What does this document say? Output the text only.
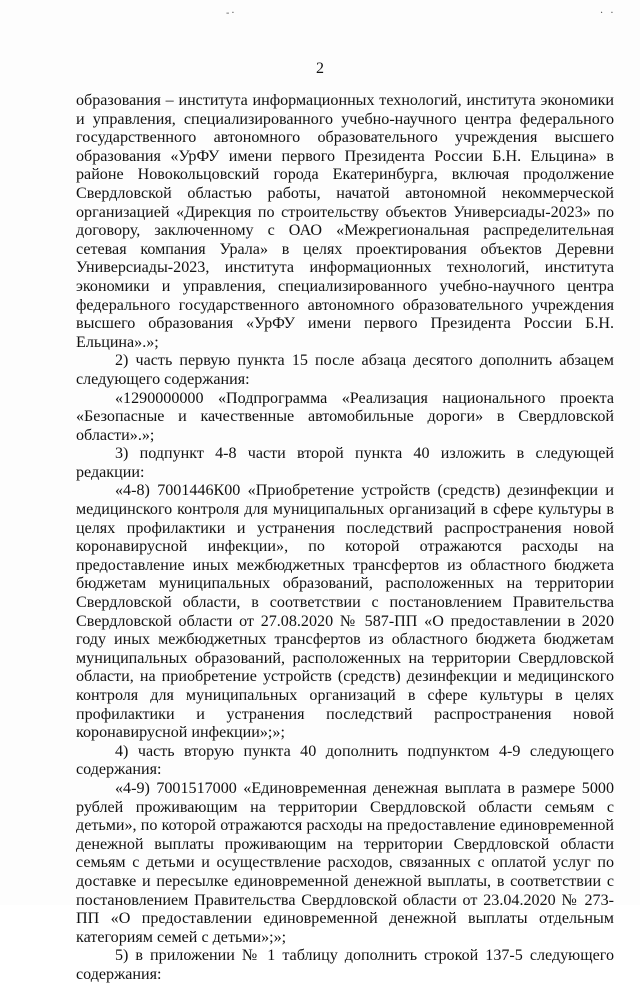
-·	· ·
2

образования – института информационных технологий, института экономики и управления, специализированного учебно-научного центра федерального государственного автономного образовательного учреждения высшего образования «УрФУ имени первого Президента России Б.Н. Ельцина» в районе Новокольцовский города Екатеринбурга, включая продолжение Свердловской областью работы, начатой автономной некоммерческой организацией «Дирекция по строительству объектов Универсиады-2023» по договору, заключенному с ОАО «Межрегиональная распределительная сетевая компания Урала» в целях проектирования объектов Деревни Универсиады-2023, института информационных технологий, института экономики и управления, специализированного учебно-научного центра федерального государственного автономного образовательного учреждения высшего образования «УрФУ имени первого Президента России Б.Н. Ельцина».»;

2) часть первую пункта 15 после абзаца десятого дополнить абзацем следующего содержания:

«1290000000 «Подпрограмма «Реализация национального проекта «Безопасные и качественные автомобильные дороги» в Свердловской области».»;

3) подпункт 4-8 части второй пункта 40 изложить в следующей редакции:

«4-8) 7001446К00 «Приобретение устройств (средств) дезинфекции и медицинского контроля для муниципальных организаций в сфере культуры в целях профилактики и устранения последствий распространения новой коронавирусной инфекции», по которой отражаются расходы на предоставление иных межбюджетных трансфертов из областного бюджета бюджетам муниципальных образований, расположенных на территории Свердловской области, в соответствии с постановлением Правительства Свердловской области от 27.08.2020 № 587-ПП «О предоставлении в 2020 году иных межбюджетных трансфертов из областного бюджета бюджетам муниципальных образований, расположенных на территории Свердловской области, на приобретение устройств (средств) дезинфекции и медицинского контроля для муниципальных организаций в сфере культуры в целях профилактики и устранения последствий распространения новой коронавирусной инфекции»;»;

4) часть вторую пункта 40 дополнить подпунктом 4-9 следующего содержания:

«4-9) 7001517000 «Единовременная денежная выплата в размере 5000 рублей проживающим на территории Свердловской области семьям с детьми», по которой отражаются расходы на предоставление единовременной денежной выплаты проживающим на территории Свердловской области семьям с детьми и осуществление расходов, связанных с оплатой услуг по доставке и пересылке единовременной денежной выплаты, в соответствии с постановлением Правительства Свердловской области от 23.04.2020 № 273-ПП «О предоставлении единовременной денежной выплаты отдельным категориям семей с детьми»;»;

5) в приложении № 1 таблицу дополнить строкой 137-5 следующего содержания:
